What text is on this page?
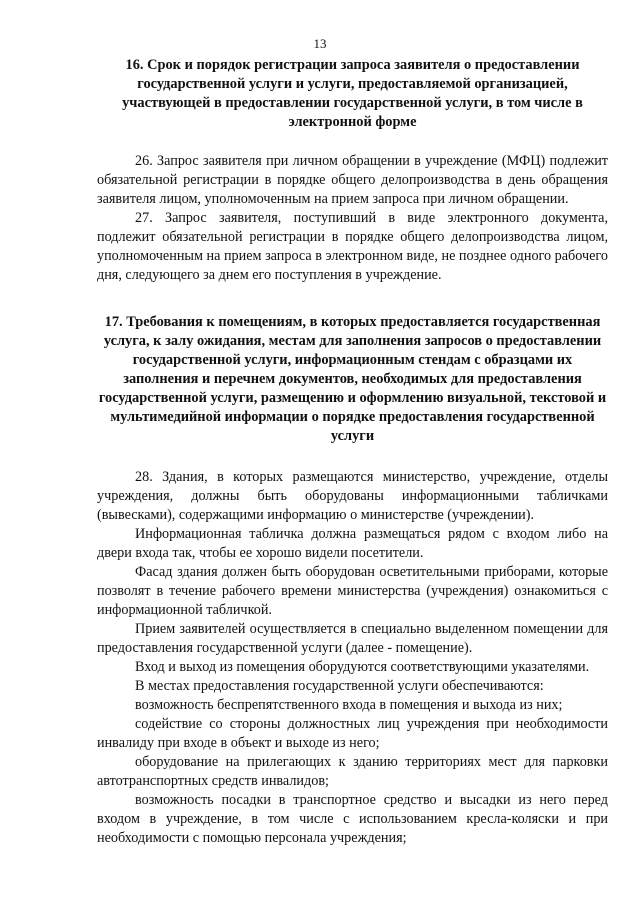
13
16. Срок и порядок регистрации запроса заявителя о предоставлении государственной услуги и услуги, предоставляемой организацией, участвующей в предоставлении государственной услуги, в том числе в электронной форме

26. Запрос заявителя при личном обращении в учреждение (МФЦ) подлежит обязательной регистрации в порядке общего делопроизводства в день обращения заявителя лицом, уполномоченным на прием запроса при личном обращении.

27. Запрос заявителя, поступивший в виде электронного документа, подлежит обязательной регистрации в порядке общего делопроизводства лицом, уполномоченным на прием запроса в электронном виде, не позднее одного рабочего дня, следующего за днем его поступления в учреждение.

17. Требования к помещениям, в которых предоставляется государственная услуга, к залу ожидания, местам для заполнения запросов о предоставлении государственной услуги, информационным стендам с образцами их заполнения и перечнем документов, необходимых для предоставления государственной услуги, размещению и оформлению визуальной, текстовой и мультимедийной информации о порядке предоставления государственной услуги

28. Здания, в которых размещаются министерство, учреждение, отделы учреждения, должны быть оборудованы информационными табличками (вывесками), содержащими информацию о министерстве (учреждении).

Информационная табличка должна размещаться рядом с входом либо на двери входа так, чтобы ее хорошо видели посетители.

Фасад здания должен быть оборудован осветительными приборами, которые позволят в течение рабочего времени министерства (учреждения) ознакомиться с информационной табличкой.

Прием заявителей осуществляется в специально выделенном помещении для предоставления государственной услуги (далее - помещение).

Вход и выход из помещения оборудуются соответствующими указателями.

В местах предоставления государственной услуги обеспечиваются:

возможность беспрепятственного входа в помещения и выхода из них;

содействие со стороны должностных лиц учреждения при необходимости инвалиду при входе в объект и выходе из него;

оборудование на прилегающих к зданию территориях мест для парковки автотранспортных средств инвалидов;

возможность посадки в транспортное средство и высадки из него перед входом в учреждение, в том числе с использованием кресла-коляски и при необходимости с помощью персонала учреждения;
